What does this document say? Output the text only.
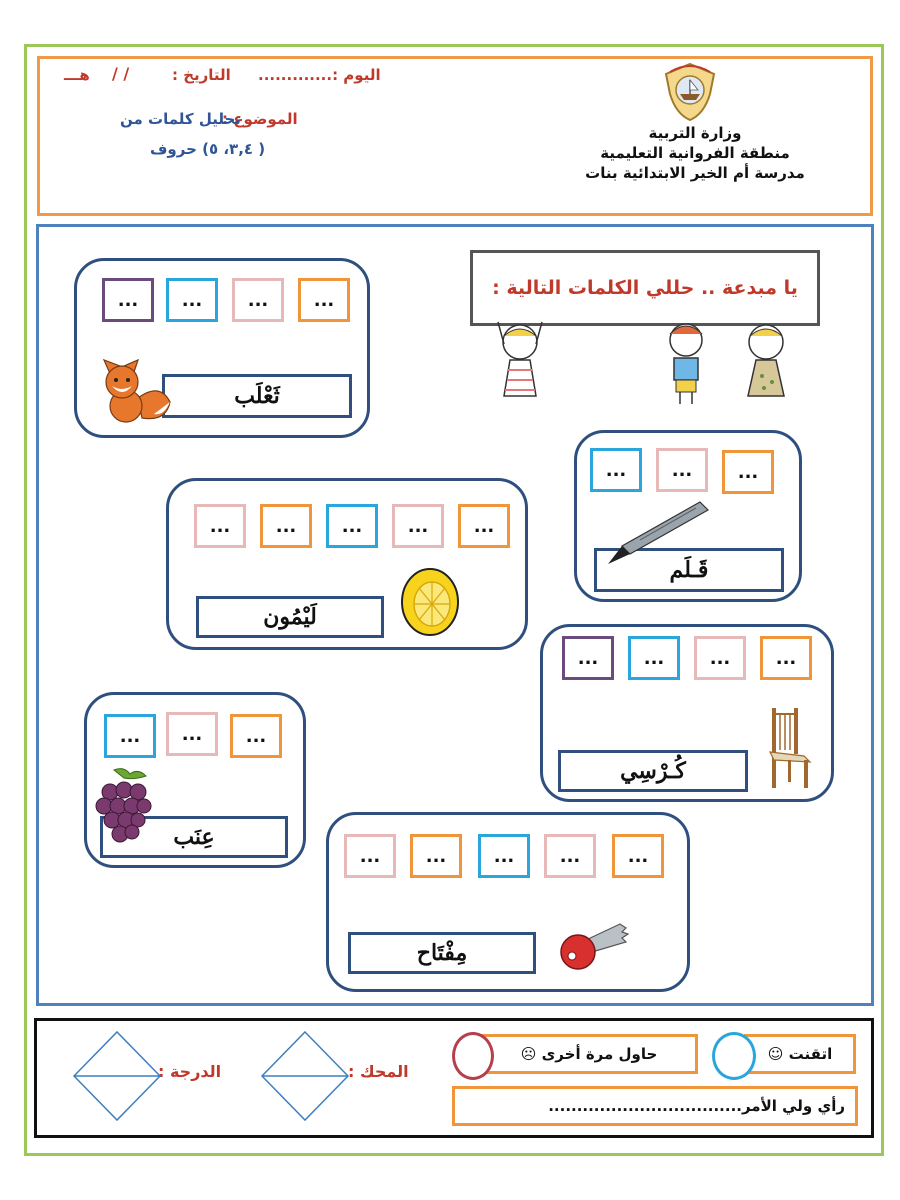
اليوم :.............
التاريخ :
/ /
هـــ
الموضوع :
تحليل كلمات من
( ٣,٤، ٥) حروف
وزارة التربية
منطقة الفروانية التعليمية
مدرسة أم الخير الابتدائية بنات
يا مبدعة .. حللي الكلمات التالية :
...
...
...
...
ثَعْلَب
...
...
...
قَـلَم
...
...
...
...
...
لَيْمُون
...
...
...
...
كُـرْسِي
...
...
...
عِنَب
...
...
...
...
...
مِفْتَاح
اتقنت ☺
حاول مرة أخرى ☹
رأي ولي الأمر..................................
المحك :
الدرجة :
